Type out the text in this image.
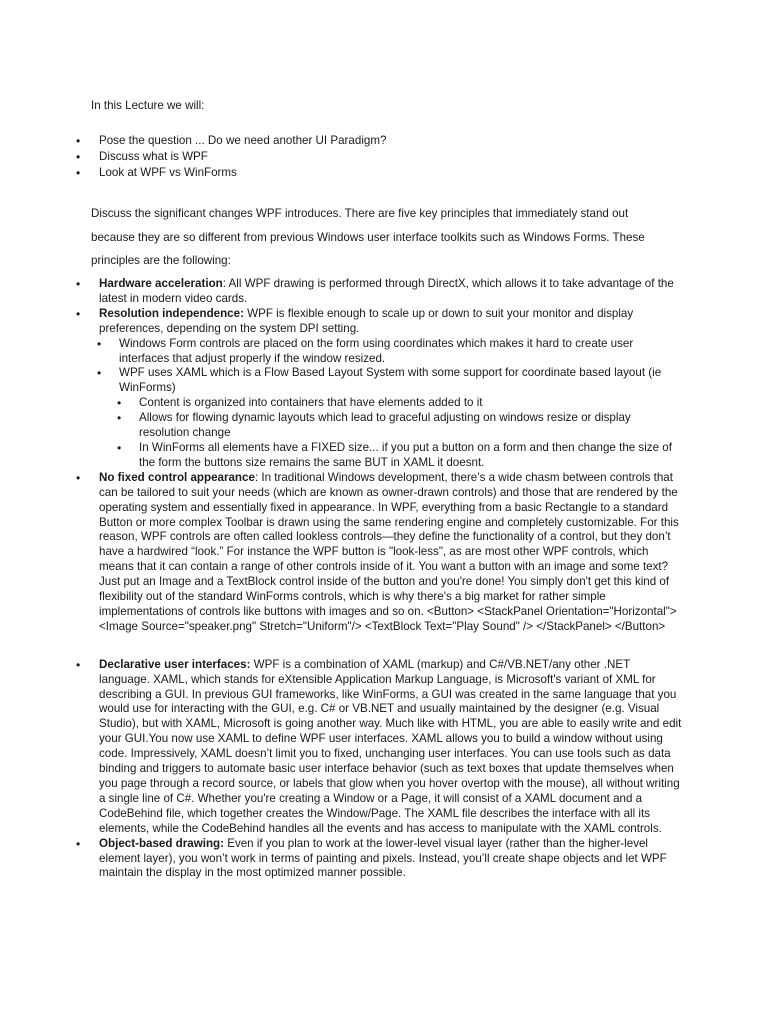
In this Lecture we will:

• Pose the question ... Do we need another UI Paradigm?
• Discuss what is WPF
• Look at WPF vs WinForms

Discuss the significant changes WPF introduces. There are five key principles that immediately stand out because they are so different from previous Windows user interface toolkits such as Windows Forms. These principles are the following:

• Hardware acceleration: All WPF drawing is performed through DirectX, which allows it to take advantage of the latest in modern video cards.
• Resolution independence: WPF is flexible enough to scale up or down to suit your monitor and display preferences, depending on the system DPI setting.
• Windows Form controls are placed on the form using coordinates which makes it hard to create user interfaces that adjust properly if the window resized.
• WPF uses XAML which is a Flow Based Layout System with some support for coordinate based layout (ie WinForms)
• Content is organized into containers that have elements added to it
• Allows for flowing dynamic layouts which lead to graceful adjusting on windows resize or display resolution change
• In WinForms all elements have a FIXED size... if you put a button on a form and then change the size of the form the buttons size remains the same BUT in XAML it doesnt.
• No fixed control appearance: In traditional Windows development, there’s a wide chasm between controls that can be tailored to suit your needs (which are known as owner-drawn controls) and those that are rendered by the operating system and essentially fixed in appearance. In WPF, everything from a basic Rectangle to a standard Button or more complex Toolbar is drawn using the same rendering engine and completely customizable. For this reason, WPF controls are often called lookless controls—they define the functionality of a control, but they don’t have a hardwired “look.” For instance the WPF button is "look-less", as are most other WPF controls, which means that it can contain a range of other controls inside of it. You want a button with an image and some text? Just put an Image and a TextBlock control inside of the button and you're done! You simply don't get this kind of flexibility out of the standard WinForms controls, which is why there's a big market for rather simple implementations of controls like buttons with images and so on. <Button> <StackPanel Orientation="Horizontal"> <Image Source="speaker.png" Stretch="Uniform"/> <TextBlock Text="Play Sound" /> </StackPanel> </Button>
• Declarative user interfaces: WPF is a combination of XAML (markup) and C#/VB.NET/any other .NET language. XAML, which stands for eXtensible Application Markup Language, is Microsoft's variant of XML for describing a GUI. In previous GUI frameworks, like WinForms, a GUI was created in the same language that you would use for interacting with the GUI, e.g. C# or VB.NET and usually maintained by the designer (e.g. Visual Studio), but with XAML, Microsoft is going another way. Much like with HTML, you are able to easily write and edit your GUI.You now use XAML to define WPF user interfaces. XAML allows you to build a window without using code. Impressively, XAML doesn’t limit you to fixed, unchanging user interfaces. You can use tools such as data binding and triggers to automate basic user interface behavior (such as text boxes that update themselves when you page through a record source, or labels that glow when you hover overtop with the mouse), all without writing a single line of C#. Whether you're creating a Window or a Page, it will consist of a XAML document and a CodeBehind file, which together creates the Window/Page. The XAML file describes the interface with all its elements, while the CodeBehind handles all the events and has access to manipulate with the XAML controls.
• Object-based drawing: Even if you plan to work at the lower-level visual layer (rather than the higher-level element layer), you won’t work in terms of painting and pixels. Instead, you’ll create shape objects and let WPF maintain the display in the most optimized manner possible.
